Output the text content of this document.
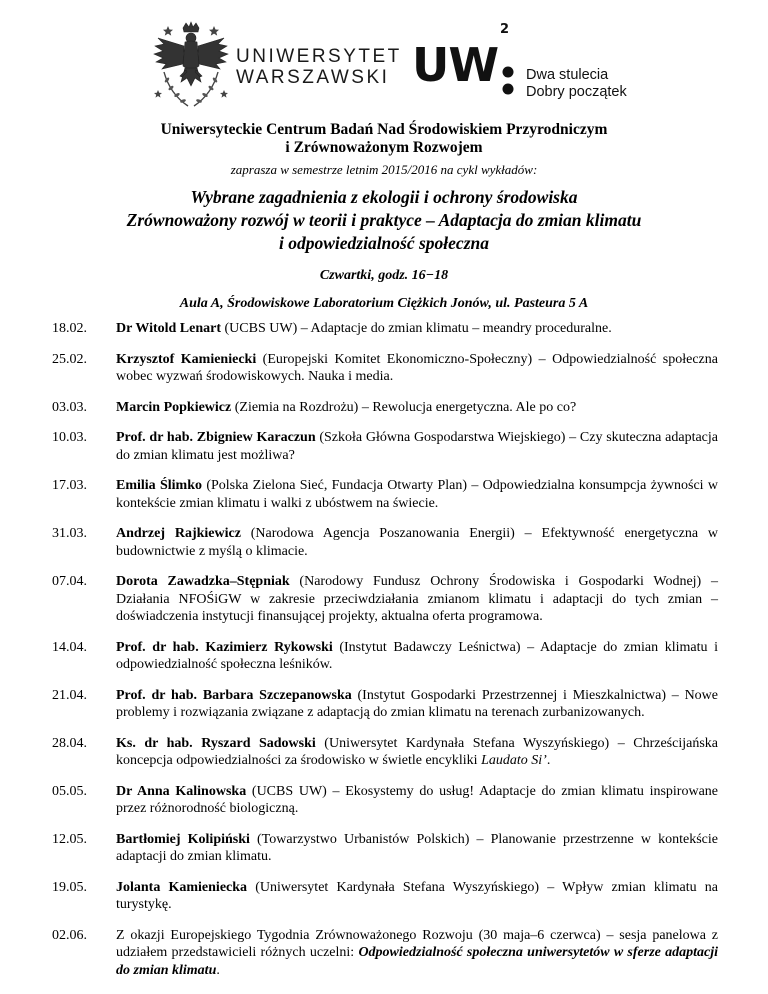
UNIWERSYTET
WARSZAWSKI UW
2
Dwa stulecia
Dobry początek
Uniwersyteckie Centrum Badań Nad Środowiskiem Przyrodniczym
i Zrównoważonym Rozwojem
zaprasza w semestrze letnim 2015/2016 na cykl wykładów:
Wybrane zagadnienia z ekologii i ochrony środowiska
Zrównoważony rozwój w teorii i praktyce – Adaptacja do zmian klimatu
i odpowiedzialność społeczna
Czwartki, godz. 16−18
Aula A, Środowiskowe Laboratorium Ciężkich Jonów, ul. Pasteura 5 A
18.02.	Dr Witold Lenart (UCBS UW) – Adaptacje do zmian klimatu – meandry proceduralne.
25.02.	Krzysztof Kamieniecki (Europejski Komitet Ekonomiczno-Społeczny) – Odpowiedzialność społeczna wobec wyzwań środowiskowych. Nauka i media.
03.03.	Marcin Popkiewicz (Ziemia na Rozdrożu) – Rewolucja energetyczna. Ale po co?
10.03.	Prof. dr hab. Zbigniew Karaczun (Szkoła Główna Gospodarstwa Wiejskiego) – Czy skuteczna adaptacja do zmian klimatu jest możliwa?
17.03.	Emilia Ślimko (Polska Zielona Sieć, Fundacja Otwarty Plan) – Odpowiedzialna konsumpcja żywności w kontekście zmian klimatu i walki z ubóstwem na świecie.
31.03.	Andrzej Rajkiewicz (Narodowa Agencja Poszanowania Energii) – Efektywność energetyczna w budownictwie z myślą o klimacie.
07.04.	Dorota Zawadzka–Stępniak (Narodowy Fundusz Ochrony Środowiska i Gospodarki Wodnej) – Działania NFOŚiGW w zakresie przeciwdziałania zmianom klimatu i adaptacji do tych zmian – doświadczenia instytucji finansującej projekty, aktualna oferta programowa.
14.04.	Prof. dr hab. Kazimierz Rykowski (Instytut Badawczy Leśnictwa) – Adaptacje do zmian klimatu i odpowiedzialność społeczna leśników.
21.04.	Prof. dr hab. Barbara Szczepanowska (Instytut Gospodarki Przestrzennej i Mieszkalnictwa) – Nowe problemy i rozwiązania związane z adaptacją do zmian klimatu na terenach zurbanizowanych.
28.04.	Ks. dr hab. Ryszard Sadowski (Uniwersytet Kardynała Stefana Wyszyńskiego) – Chrześcijańska koncepcja odpowiedzialności za środowisko w świetle encykliki Laudato Si’.
05.05.	Dr Anna Kalinowska (UCBS UW) – Ekosystemy do usług! Adaptacje do zmian klimatu inspirowane przez różnorodność biologiczną.
12.05.	Bartłomiej Kolipiński (Towarzystwo Urbanistów Polskich) – Planowanie przestrzenne w kontekście adaptacji do zmian klimatu.
19.05.	Jolanta Kamieniecka (Uniwersytet Kardynała Stefana Wyszyńskiego) – Wpływ zmian klimatu na turystykę.
02.06.	Z okazji Europejskiego Tygodnia Zrównoważonego Rozwoju (30 maja–6 czerwca) – sesja panelowa z udziałem przedstawicieli różnych uczelni: Odpowiedzialność społeczna uniwersytetów w sferze adaptacji do zmian klimatu.
